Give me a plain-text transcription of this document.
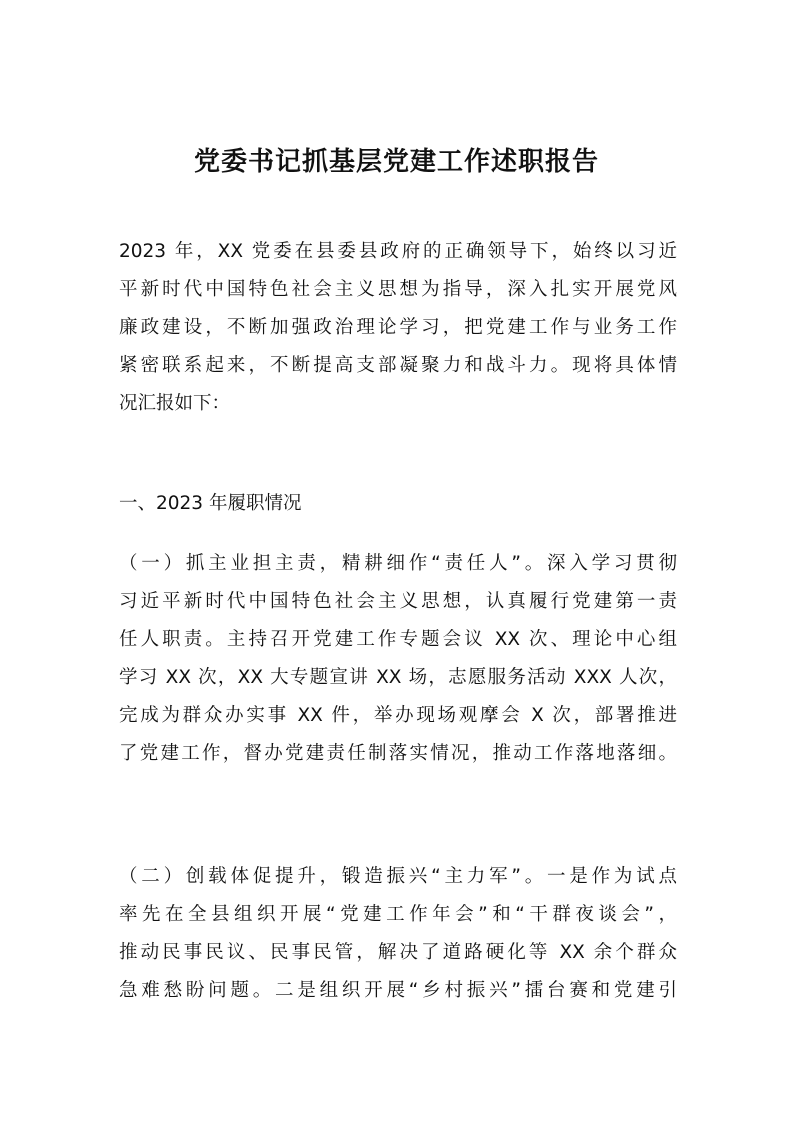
党委书记抓基层党建工作述职报告

2023 年，XX 党委在县委县政府的正确领导下，始终以习近
平新时代中国特色社会主义思想为指导，深入扎实开展党风
廉政建设，不断加强政治理论学习，把党建工作与业务工作
紧密联系起来，不断提高支部凝聚力和战斗力。现将具体情
况汇报如下：

一、2023 年履职情况

（一）抓主业担主责，精耕细作“责任人”。深入学习贯彻
习近平新时代中国特色社会主义思想，认真履行党建第一责
任人职责。主持召开党建工作专题会议 XX 次、理论中心组
学习 XX 次，XX 大专题宣讲 XX 场，志愿服务活动 XXX 人次，
完成为群众办实事 XX 件，举办现场观摩会 X 次，部署推进
了党建工作，督办党建责任制落实情况，推动工作落地落细。

（二）创载体促提升，锻造振兴“主力军”。一是作为试点
率先在全县组织开展“党建工作年会”和“干群夜谈会”，
推动民事民议、民事民管，解决了道路硬化等 XX 余个群众
急难愁盼问题。二是组织开展“乡村振兴”擂台赛和党建引
